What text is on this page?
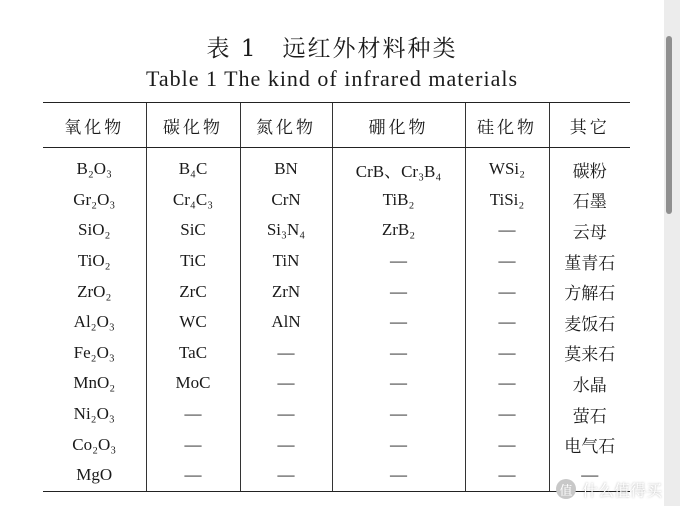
表 1　远红外材料种类
Table 1 The kind of infrared materials
氧化物	碳化物	氮化物	硼化物	硅化物	其它
B₂O₃	B₄C	BN	CrB、Cr₃B₄	WSi₂	碳粉
Gr₂O₃	Cr₄C₃	CrN	TiB₂	TiSi₂	石墨
SiO₂	SiC	Si₃N₄	ZrB₂	—	云母
TiO₂	TiC	TiN	—	—	堇青石
ZrO₂	ZrC	ZrN	—	—	方解石
Al₂O₃	WC	AlN	—	—	麦饭石
Fe₂O₃	TaC	—	—	—	莫来石
MnO₂	MoC	—	—	—	水晶
Ni₂O₃	—	—	—	—	萤石
Co₂O₃	—	—	—	—	电气石
MgO	—	—	—	—	—
值 什么值得买
